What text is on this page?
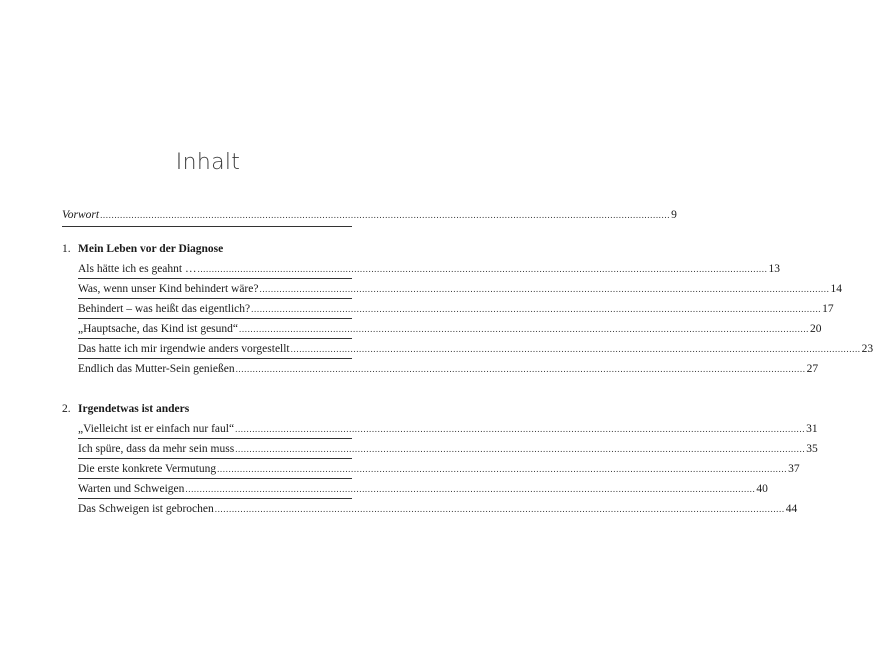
Inhalt
Vorwort ........................................................................................................................................................................................................ 9
1. Mein Leben vor der Diagnose
Als hätte ich es geahnt … ........................................................................................................................................................................................................ 13
Was, wenn unser Kind behindert wäre? ........................................................................................................................................................................................................ 14
Behindert – was heißt das eigentlich? ........................................................................................................................................................................................................ 17
„Hauptsache, das Kind ist gesund“ ........................................................................................................................................................................................................ 20
Das hatte ich mir irgendwie anders vorgestellt ........................................................................................................................................................................................................ 23
Endlich das Mutter-Sein genießen ........................................................................................................................................................................................................ 27
2. Irgendetwas ist anders
„Vielleicht ist er einfach nur faul“ ........................................................................................................................................................................................................ 31
Ich spüre, dass da mehr sein muss ........................................................................................................................................................................................................ 35
Die erste konkrete Vermutung ........................................................................................................................................................................................................ 37
Warten und Schweigen ........................................................................................................................................................................................................ 40
Das Schweigen ist gebrochen ........................................................................................................................................................................................................ 44
